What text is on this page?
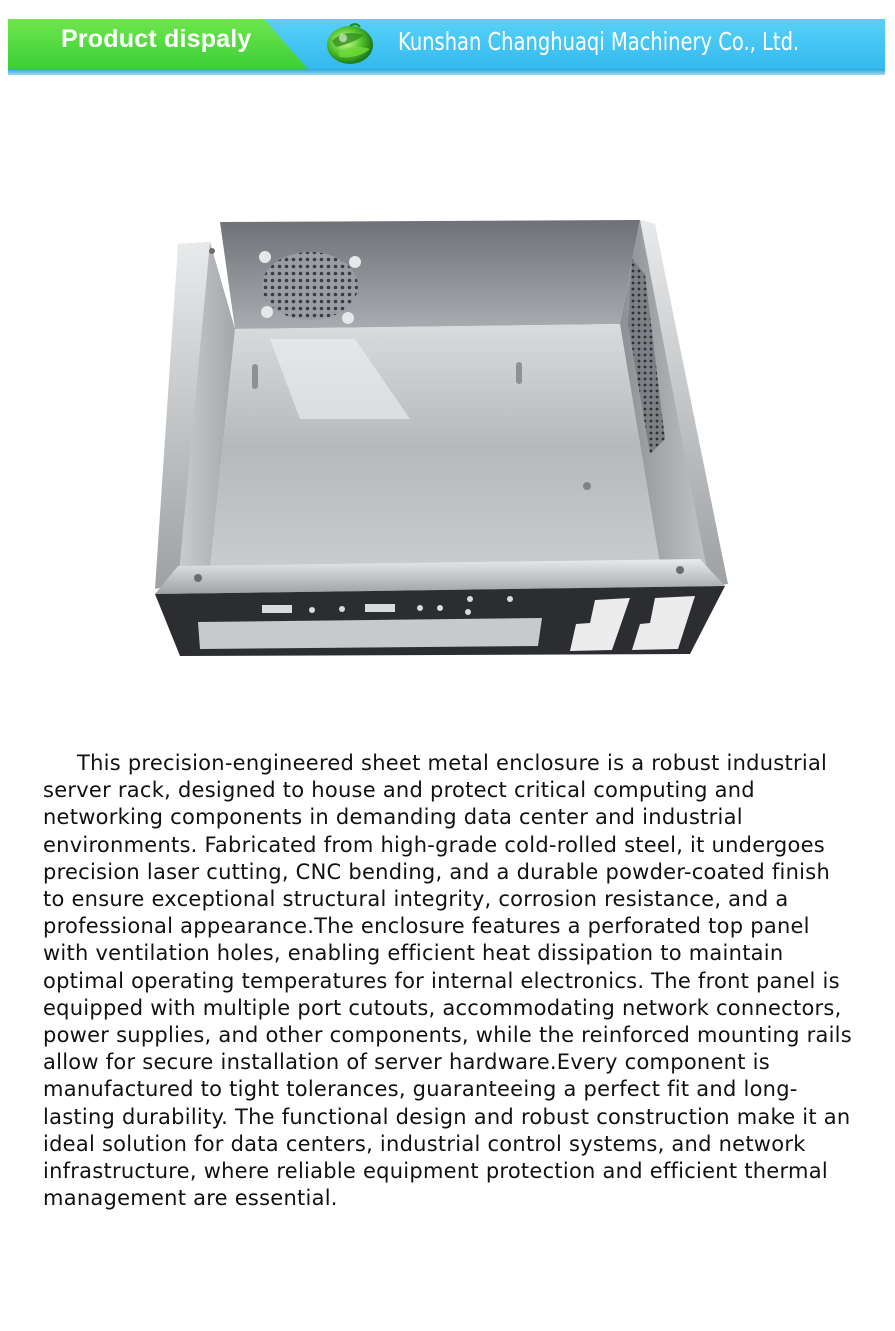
Product dispaly	Kunshan Changhuaqi Machinery Co., Ltd.

This precision-engineered sheet metal enclosure is a robust industrial server rack, designed to house and protect critical computing and networking components in demanding data center and industrial environments. Fabricated from high-grade cold-rolled steel, it undergoes precision laser cutting, CNC bending, and a durable powder-coated finish to ensure exceptional structural integrity, corrosion resistance, and a professional appearance.The enclosure features a perforated top panel with ventilation holes, enabling efficient heat dissipation to maintain optimal operating temperatures for internal electronics. The front panel is equipped with multiple port cutouts, accommodating network connectors, power supplies, and other components, while the reinforced mounting rails allow for secure installation of server hardware.Every component is manufactured to tight tolerances, guaranteeing a perfect fit and long-lasting durability. The functional design and robust construction make it an ideal solution for data centers, industrial control systems, and network infrastructure, where reliable equipment protection and efficient thermal management are essential.
